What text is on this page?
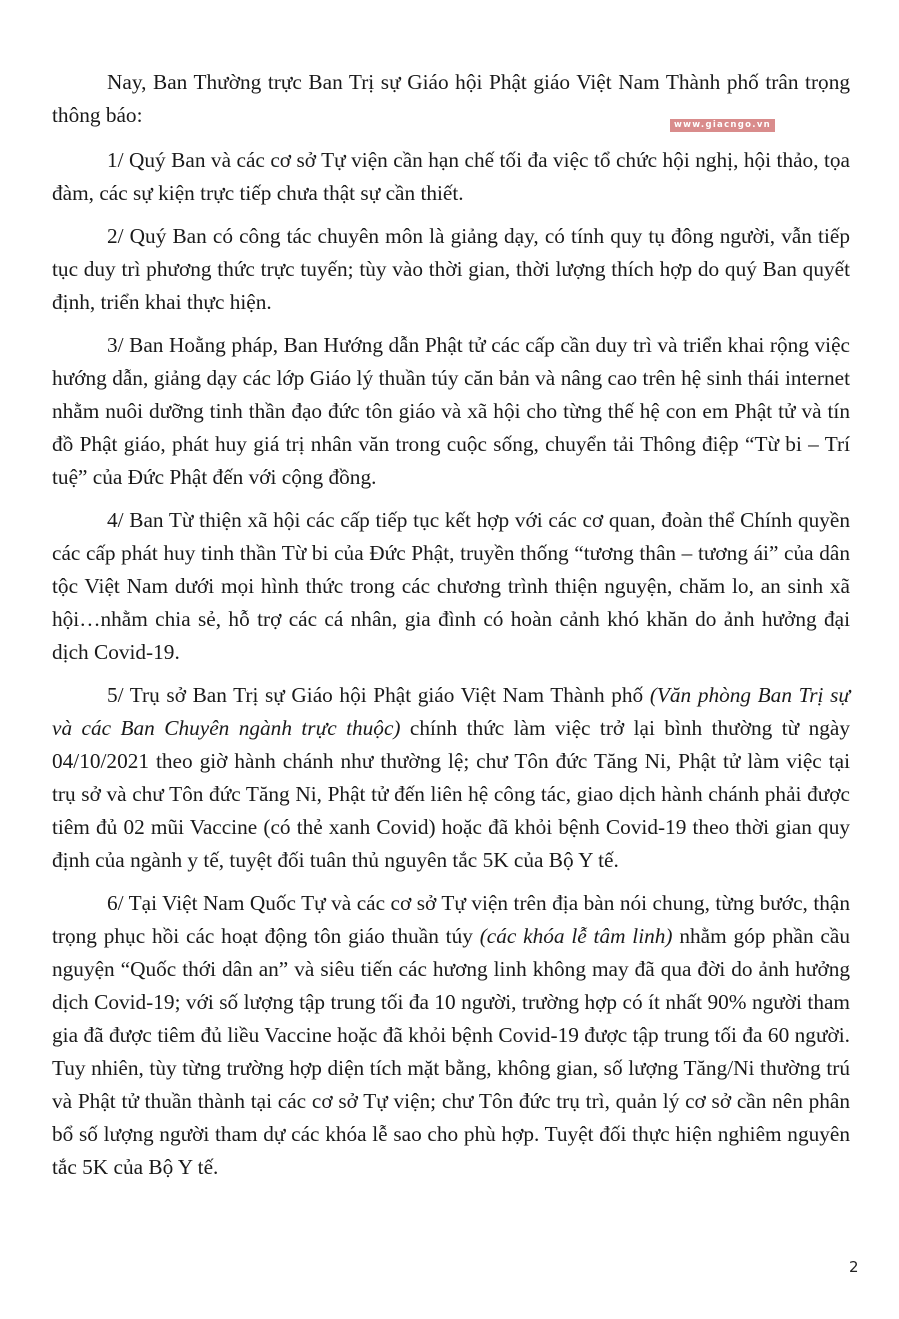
www.giacngo.vn

Nay, Ban Thường trực Ban Trị sự Giáo hội Phật giáo Việt Nam Thành phố trân trọng thông báo:

1/ Quý Ban và các cơ sở Tự viện cần hạn chế tối đa việc tổ chức hội nghị, hội thảo, tọa đàm, các sự kiện trực tiếp chưa thật sự cần thiết.

2/ Quý Ban có công tác chuyên môn là giảng dạy, có tính quy tụ đông người, vẫn tiếp tục duy trì phương thức trực tuyến; tùy vào thời gian, thời lượng thích hợp do quý Ban quyết định, triển khai thực hiện.

3/ Ban Hoằng pháp, Ban Hướng dẫn Phật tử các cấp cần duy trì và triển khai rộng việc hướng dẫn, giảng dạy các lớp Giáo lý thuần túy căn bản và nâng cao trên hệ sinh thái internet nhằm nuôi dưỡng tinh thần đạo đức tôn giáo và xã hội cho từng thế hệ con em Phật tử và tín đồ Phật giáo, phát huy giá trị nhân văn trong cuộc sống, chuyển tải Thông điệp “Từ bi – Trí tuệ” của Đức Phật đến với cộng đồng.

4/ Ban Từ thiện xã hội các cấp tiếp tục kết hợp với các cơ quan, đoàn thể Chính quyền các cấp phát huy tinh thần Từ bi của Đức Phật, truyền thống “tương thân – tương ái” của dân tộc Việt Nam dưới mọi hình thức trong các chương trình thiện nguyện, chăm lo, an sinh xã hội…nhằm chia sẻ, hỗ trợ các cá nhân, gia đình có hoàn cảnh khó khăn do ảnh hưởng đại dịch Covid-19.

5/ Trụ sở Ban Trị sự Giáo hội Phật giáo Việt Nam Thành phố (Văn phòng Ban Trị sự và các Ban Chuyên ngành trực thuộc) chính thức làm việc trở lại bình thường từ ngày 04/10/2021 theo giờ hành chánh như thường lệ; chư Tôn đức Tăng Ni, Phật tử làm việc tại trụ sở và chư Tôn đức Tăng Ni, Phật tử đến liên hệ công tác, giao dịch hành chánh phải được tiêm đủ 02 mũi Vaccine (có thẻ xanh Covid) hoặc đã khỏi bệnh Covid-19 theo thời gian quy định của ngành y tế, tuyệt đối tuân thủ nguyên tắc 5K của Bộ Y tế.

6/ Tại Việt Nam Quốc Tự và các cơ sở Tự viện trên địa bàn nói chung, từng bước, thận trọng phục hồi các hoạt động tôn giáo thuần túy (các khóa lễ tâm linh) nhằm góp phần cầu nguyện “Quốc thới dân an” và siêu tiến các hương linh không may đã qua đời do ảnh hưởng dịch Covid-19; với số lượng tập trung tối đa 10 người, trường hợp có ít nhất 90% người tham gia đã được tiêm đủ liều Vaccine hoặc đã khỏi bệnh Covid-19 được tập trung tối đa 60 người. Tuy nhiên, tùy từng trường hợp diện tích mặt bằng, không gian, số lượng Tăng/Ni thường trú và Phật tử thuần thành tại các cơ sở Tự viện; chư Tôn đức trụ trì, quản lý cơ sở cần nên phân bổ số lượng người tham dự các khóa lễ sao cho phù hợp. Tuyệt đối thực hiện nghiêm nguyên tắc 5K của Bộ Y tế.

2
